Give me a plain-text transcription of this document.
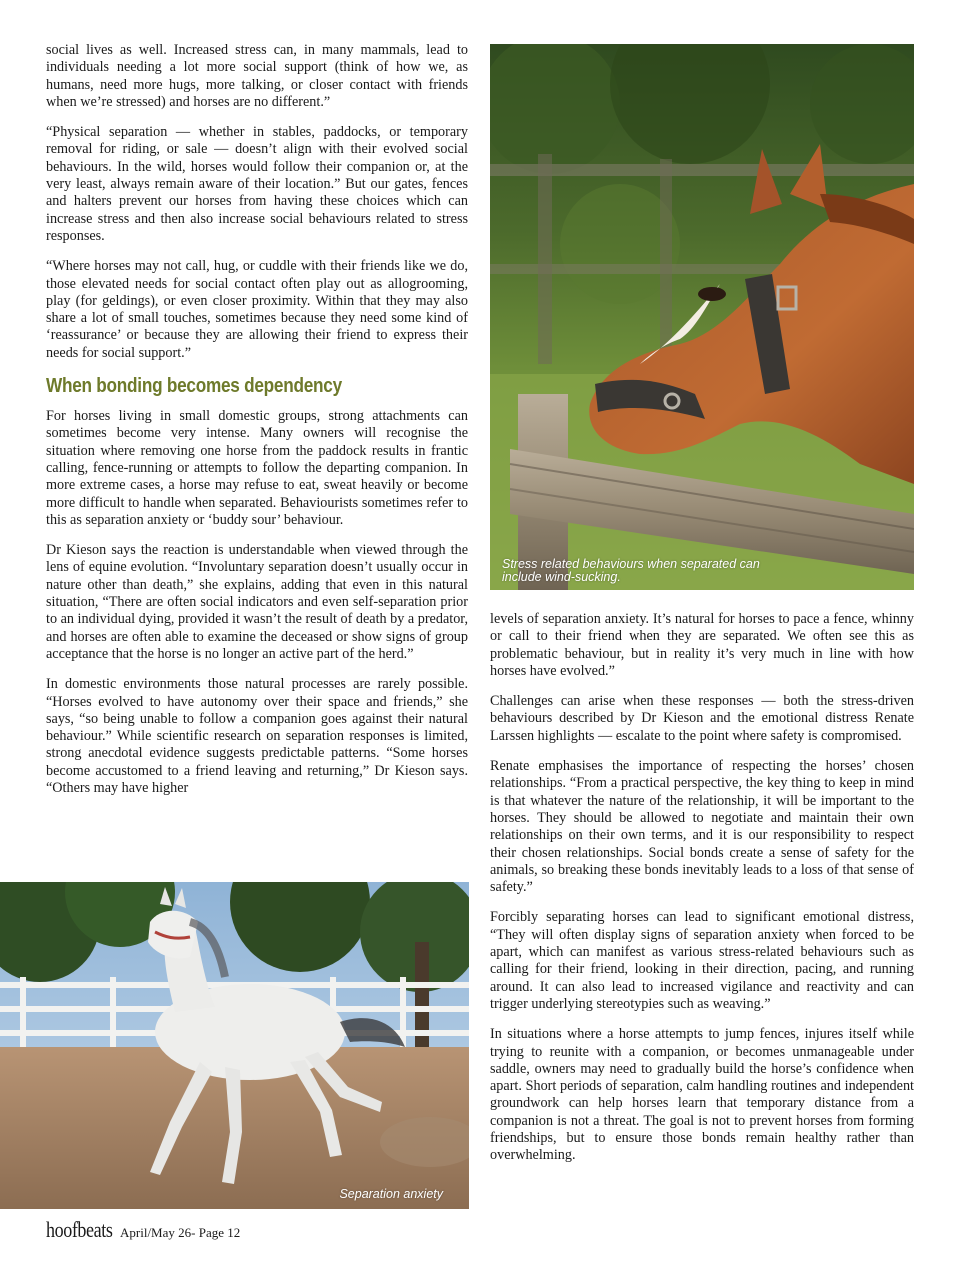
social lives as well. Increased stress can, in many mammals, lead to individuals needing a lot more social support (think of how we, as humans, need more hugs, more talking, or closer contact with friends when we’re stressed) and horses are no different.”

“Physical separation — whether in stables, paddocks, or temporary removal for riding, or sale — doesn’t align with their evolved social behaviours. In the wild, horses would follow their companion or, at the very least, always remain aware of their location.” But our gates, fences and halters prevent our horses from having these choices which can increase stress and then also increase social behaviours related to stress responses.

“Where horses may not call, hug, or cuddle with their friends like we do, those elevated needs for social contact often play out as allogrooming, play (for geldings), or even closer proximity. Within that they may also share a lot of small touches, sometimes because they need some kind of ‘reassurance’ or because they are allowing their friend to express their needs for social support.”

When bonding becomes dependency

For horses living in small domestic groups, strong attachments can sometimes become very intense. Many owners will recognise the situation where removing one horse from the paddock results in frantic calling, fence-running or attempts to follow the departing companion. In more extreme cases, a horse may refuse to eat, sweat heavily or become more difficult to handle when separated. Behaviourists sometimes refer to this as separation anxiety or ‘buddy sour’ behaviour.

Dr Kieson says the reaction is understandable when viewed through the lens of equine evolution. “Involuntary separation doesn’t usually occur in nature other than death,” she explains, adding that even in this natural situation, “There are often social indicators and even self-separation prior to an individual dying, provided it wasn’t the result of death by a predator, and horses are often able to examine the deceased or show signs of group acceptance that the horse is no longer an active part of the herd.”

In domestic environments those natural processes are rarely possible. “Horses evolved to have autonomy over their space and friends,” she says, “so being unable to follow a companion goes against their natural behaviour.” While scientific research on separation responses is limited, strong anecdotal evidence suggests predictable patterns. “Some horses become accustomed to a friend leaving and returning,” Dr Kieson says. “Others may have higher

Stress related behaviours when separated can include wind-sucking.

levels of separation anxiety. It’s natural for horses to pace a fence, whinny or call to their friend when they are separated. We often see this as problematic behaviour, but in reality it’s very much in line with how horses have evolved.”

Challenges can arise when these responses — both the stress-driven behaviours described by Dr Kieson and the emotional distress Renate Larssen highlights — escalate to the point where safety is compromised.

Renate emphasises the importance of respecting the horses’ chosen relationships. “From a practical perspective, the key thing to keep in mind is that whatever the nature of the relationship, it will be important to the horses. They should be allowed to negotiate and maintain their own relationships on their own terms, and it is our responsibility to respect their chosen relationships. Social bonds create a sense of safety for the animals, so breaking these bonds inevitably leads to a loss of that sense of safety.”

Forcibly separating horses can lead to significant emotional distress, “They will often display signs of separation anxiety when forced to be apart, which can manifest as various stress-related behaviours such as calling for their friend, looking in their direction, pacing, and running around. It can also lead to increased vigilance and reactivity and can trigger underlying stereotypies such as weaving.”

In situations where a horse attempts to jump fences, injures itself while trying to reunite with a companion, or becomes unmanageable under saddle, owners may need to gradually build the horse’s confidence when apart. Short periods of separation, calm handling routines and independent groundwork can help horses learn that temporary distance from a companion is not a threat. The goal is not to prevent horses from forming friendships, but to ensure those bonds remain healthy rather than overwhelming.

Separation anxiety
hoofbeats April/May 26- Page 12
